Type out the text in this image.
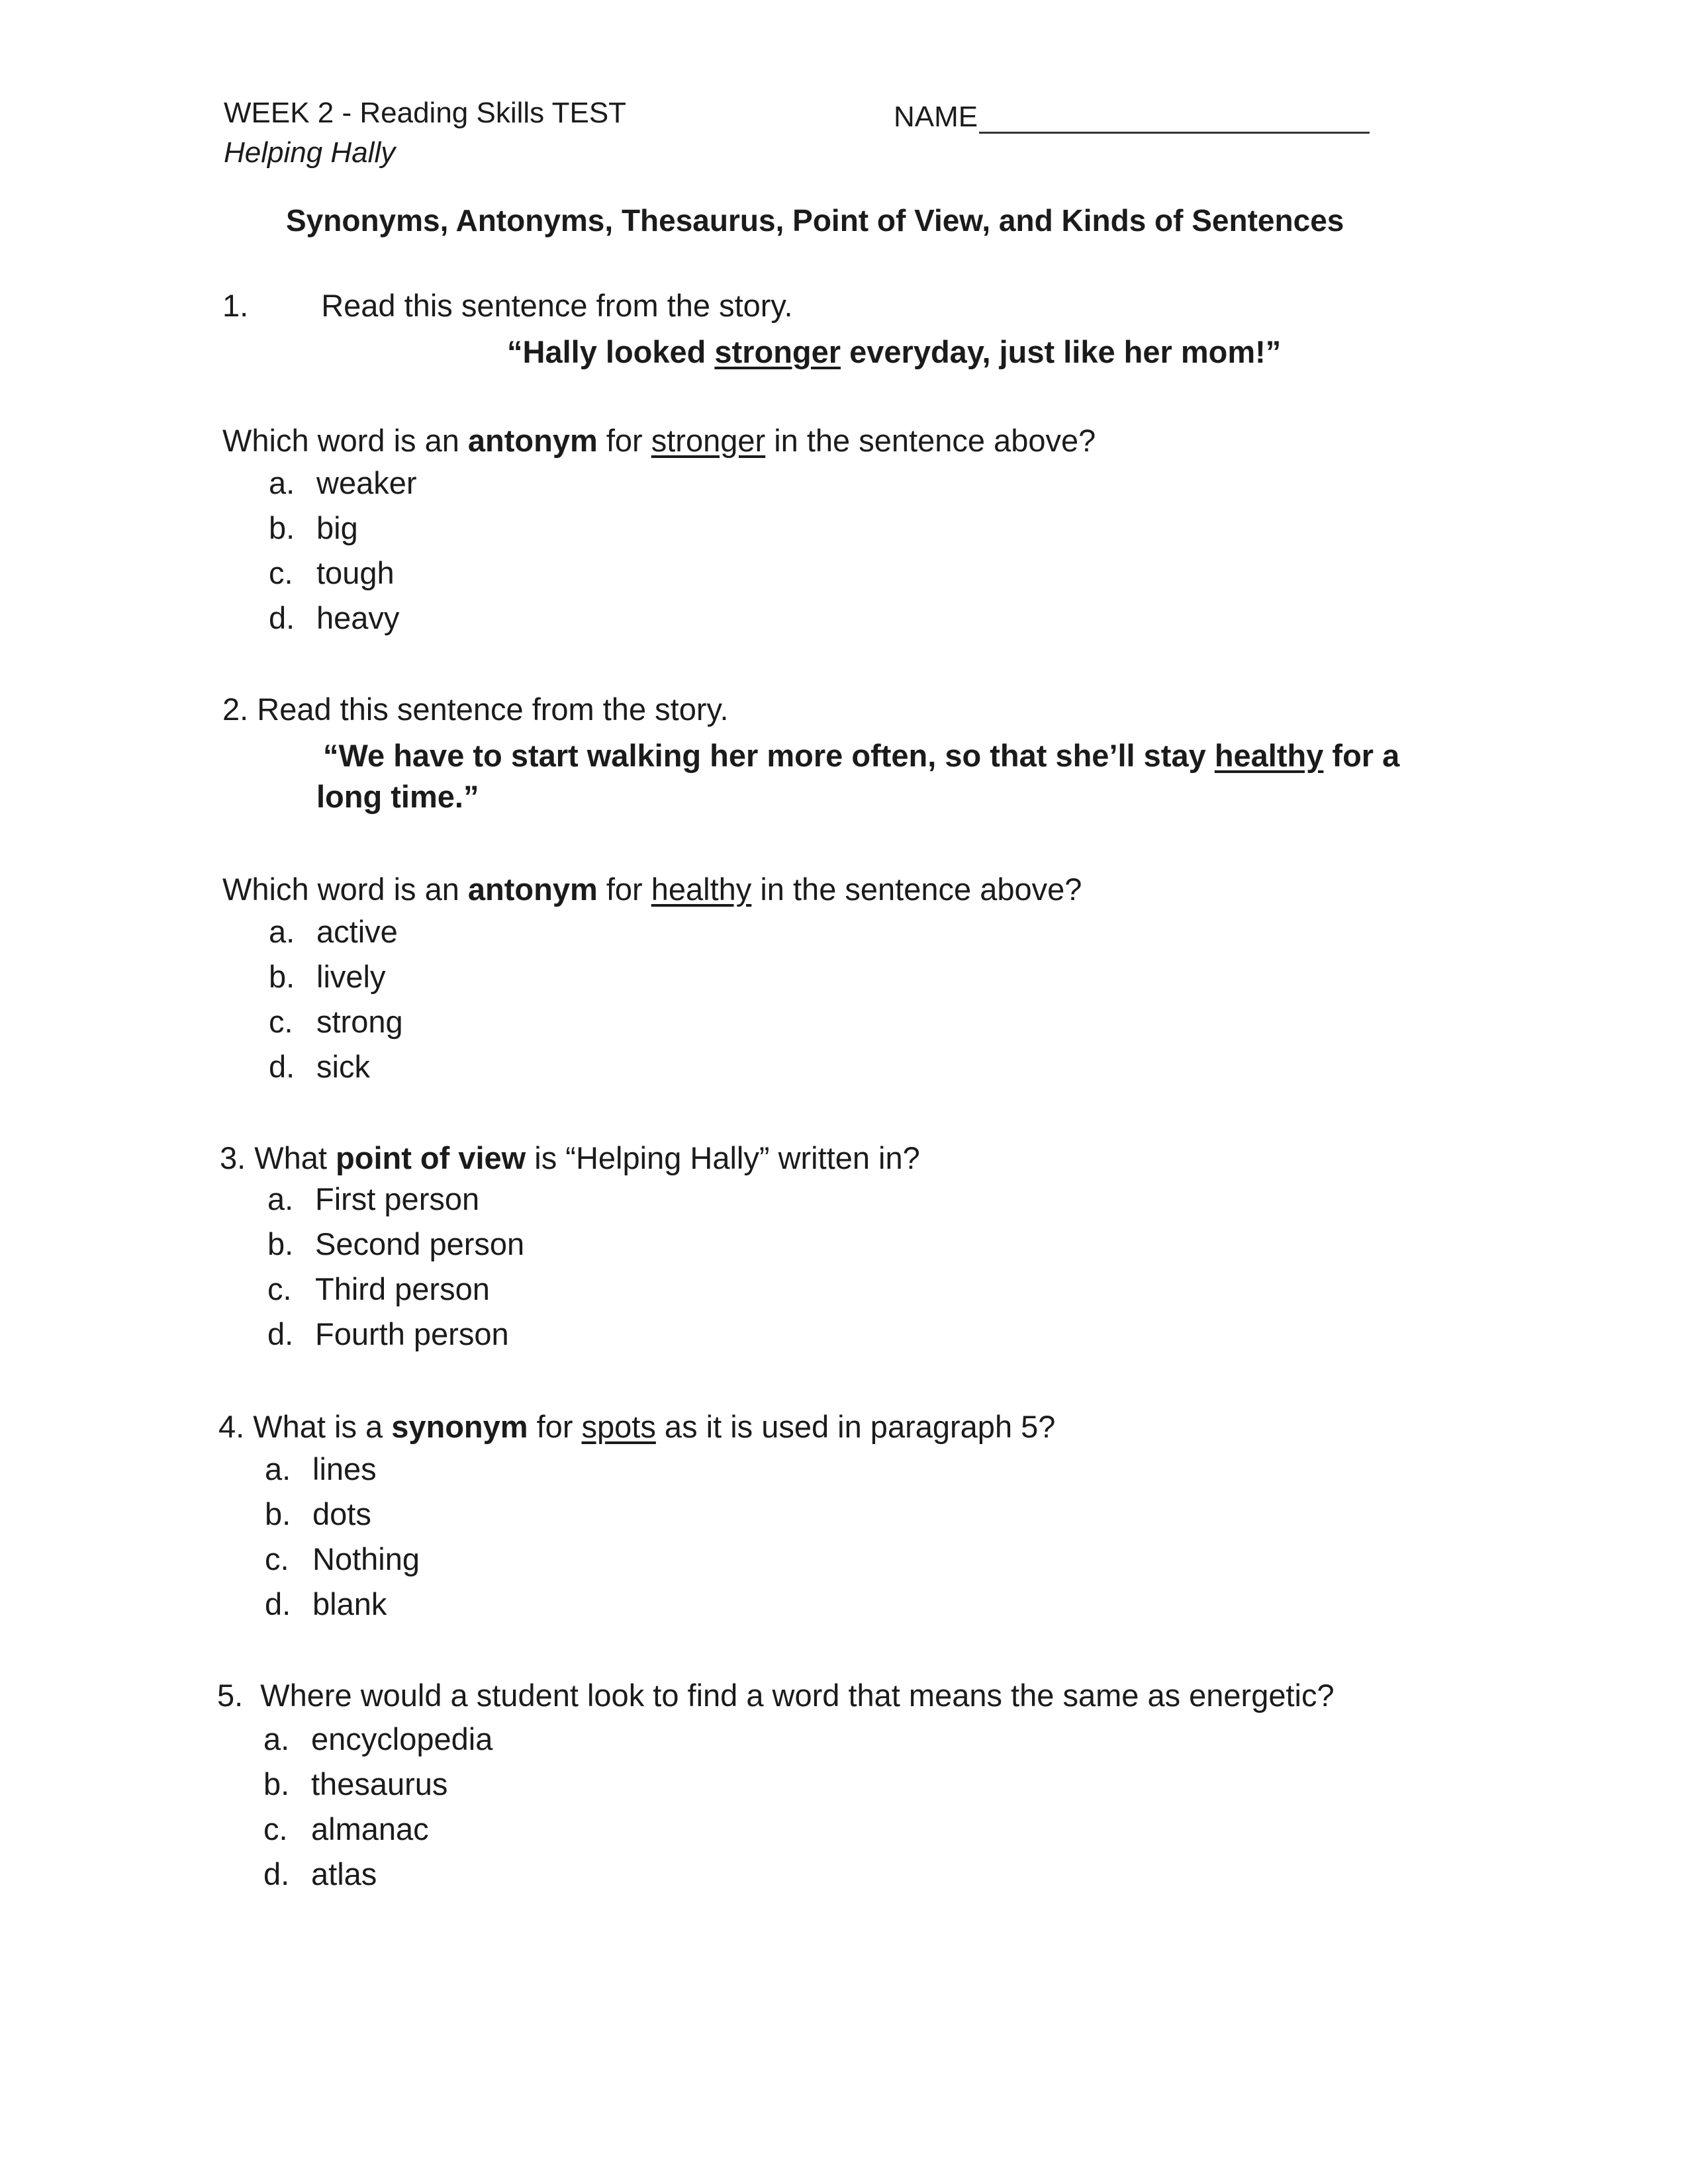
WEEK 2 - Reading Skills TEST
Helping Hally
NAME
Synonyms, Antonyms, Thesaurus, Point of View, and Kinds of Sentences
1. Read this sentence from the story.
“Hally looked stronger everyday, just like her mom!”
Which word is an antonym for stronger in the sentence above?
a. weaker
b. big
c. tough
d. heavy
2. Read this sentence from the story.
“We have to start walking her more often, so that she’ll stay healthy for a
long time.”
Which word is an antonym for healthy in the sentence above?
a. active
b. lively
c. strong
d. sick
3. What point of view is “Helping Hally” written in?
a. First person
b. Second person
c. Third person
d. Fourth person
4. What is a synonym for spots as it is used in paragraph 5?
a. lines
b. dots
c. Nothing
d. blank
5. Where would a student look to find a word that means the same as energetic?
a. encyclopedia
b. thesaurus
c. almanac
d. atlas
